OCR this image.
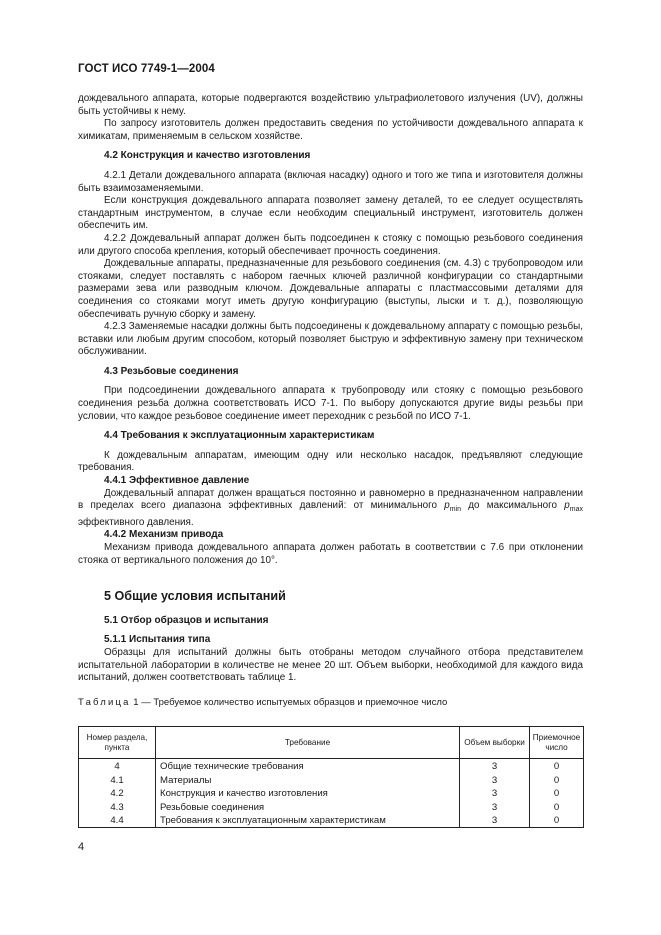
ГОСТ ИСО 7749-1—2004

дождевального аппарата, которые подвергаются воздействию ультрафиолетового излучения (UV), должны быть устойчивы к нему.

По запросу изготовитель должен предоставить сведения по устойчивости дождевального аппарата к химикатам, применяемым в сельском хозяйстве.

4.2 Конструкция и качество изготовления

4.2.1 Детали дождевального аппарата (включая насадку) одного и того же типа и изготовителя должны быть взаимозаменяемыми.

Если конструкция дождевального аппарата позволяет замену деталей, то ее следует осуществлять стандартным инструментом, в случае если необходим специальный инструмент, изготовитель должен обеспечить им.

4.2.2 Дождевальный аппарат должен быть подсоединен к стояку с помощью резьбового соединения или другого способа крепления, который обеспечивает прочность соединения.

Дождевальные аппараты, предназначенные для резьбового соединения (см. 4.3) с трубопроводом или стояками, следует поставлять с набором гаечных ключей различной конфигурации со стандартными размерами зева или разводным ключом. Дождевальные аппараты с пластмассовыми деталями для соединения со стояками могут иметь другую конфигурацию (выступы, лыски и т. д.), позволяющую обеспечивать ручную сборку и замену.

4.2.3 Заменяемые насадки должны быть подсоединены к дождевальному аппарату с помощью резьбы, вставки или любым другим способом, который позволяет быструю и эффективную замену при техническом обслуживании.

4.3 Резьбовые соединения

При подсоединении дождевального аппарата к трубопроводу или стояку с помощью резьбового соединения резьба должна соответствовать ИСО 7-1. По выбору допускаются другие виды резьбы при условии, что каждое резьбовое соединение имеет переходник с резьбой по ИСО 7-1.

4.4 Требования к эксплуатационным характеристикам

К дождевальным аппаратам, имеющим одну или несколько насадок, предъявляют следующие требования.

4.4.1 Эффективное давление

Дождевальный аппарат должен вращаться постоянно и равномерно в предназначенном направлении в пределах всего диапазона эффективных давлений: от минимального $p_{min}$ до максимального $p_{max}$ эффективного давления.

4.4.2 Механизм привода

Механизм привода дождевального аппарата должен работать в соответствии с 7.6 при отклонении стояка от вертикального положения до 10°.

5 Общие условия испытаний

5.1 Отбор образцов и испытания

5.1.1 Испытания типа

Образцы для испытаний должны быть отобраны методом случайного отбора представителем испытательной лаборатории в количестве не менее 20 шт. Объем выборки, необходимой для каждого вида испытаний, должен соответствовать таблице 1.

Таблица 1 — Требуемое количество испытуемых образцов и приемочное число

Номер раздела, пункта	Требование	Объем выборки	Приемочное число
4	Общие технические требования	3	0
4.1	Материалы	3	0
4.2	Конструкция и качество изготовления	3	0
4.3	Резьбовые соединения	3	0
4.4	Требования к эксплуатационным характеристикам	3	0
4
